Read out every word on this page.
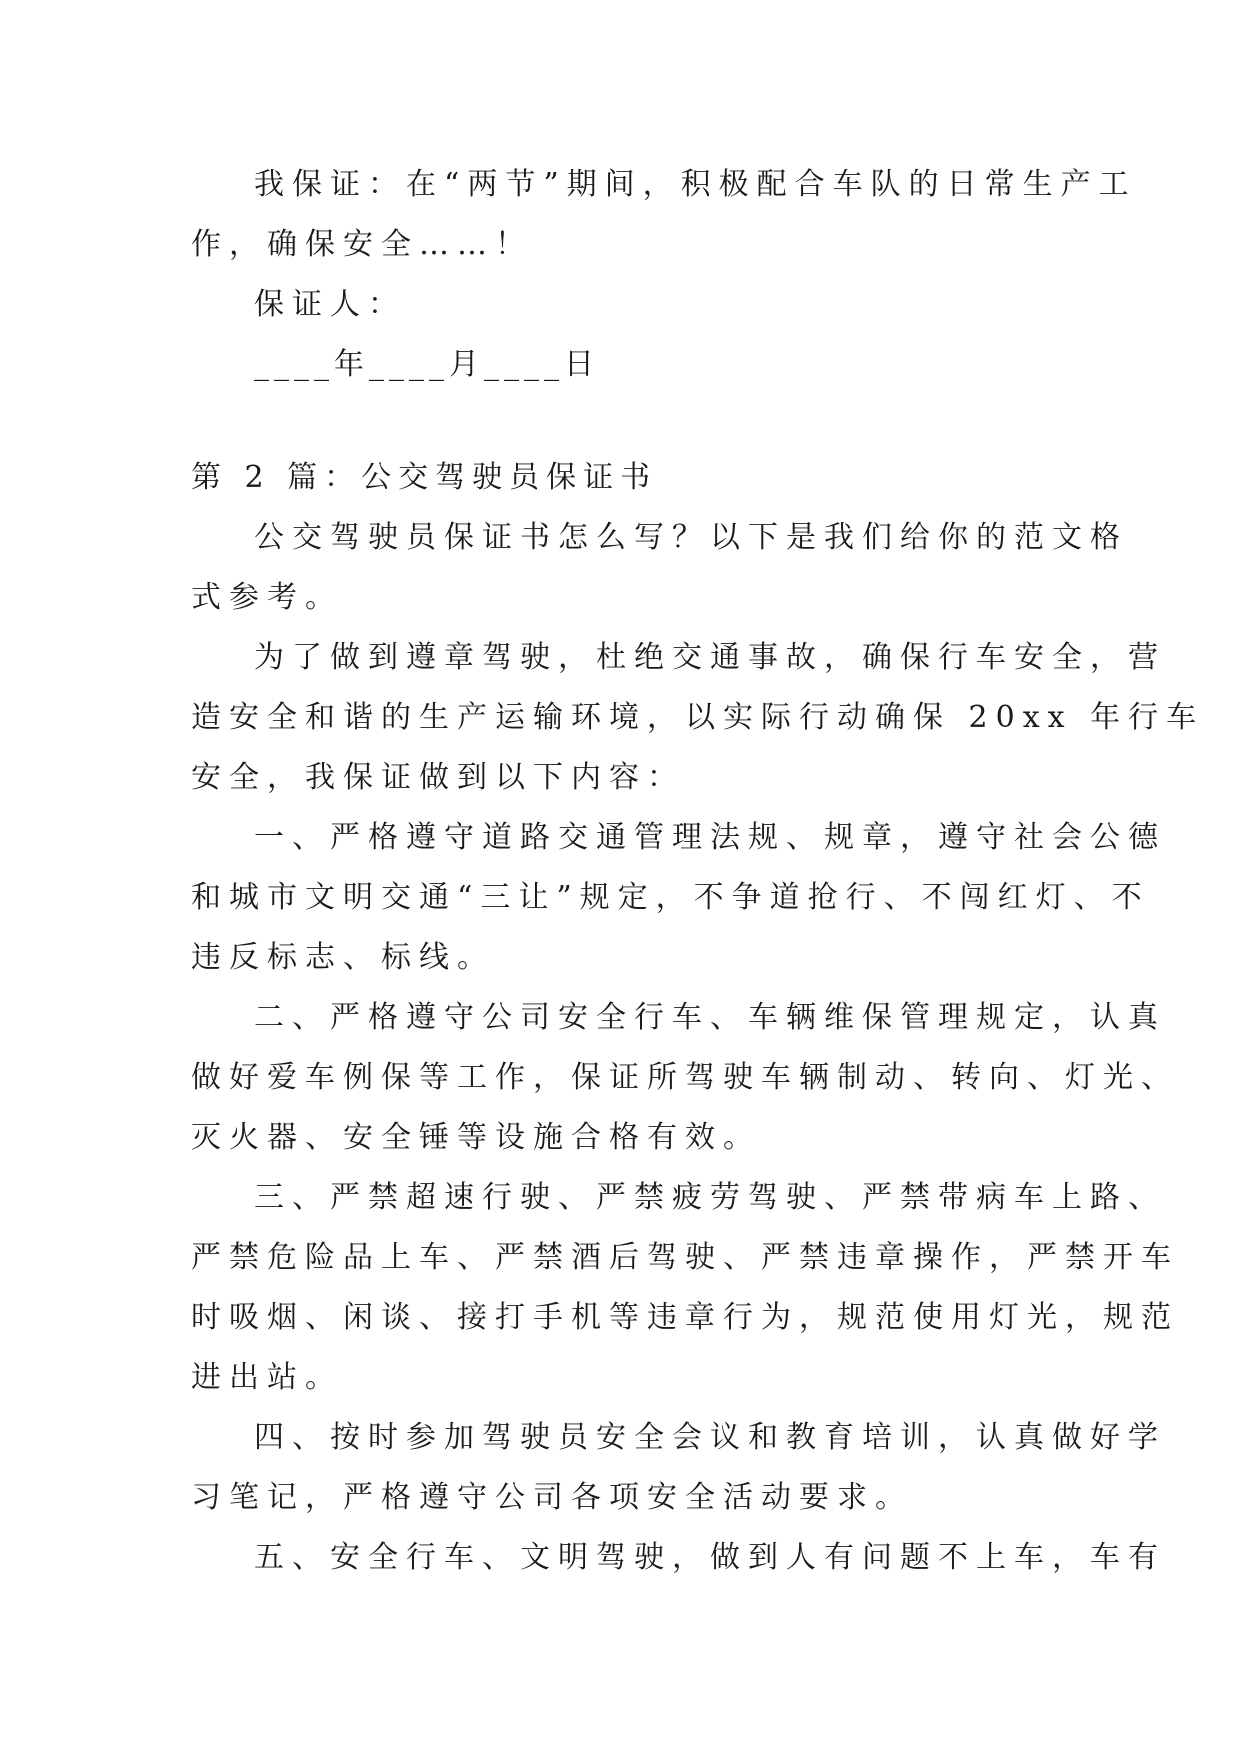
我保证：在“两节”期间，积极配合车队的日常生产工
作，确保安全……！
保证人：
____年____月____日
第 2 篇：公交驾驶员保证书
公交驾驶员保证书怎么写？以下是我们给你的范文格
式参考。
为了做到遵章驾驶，杜绝交通事故，确保行车安全，营
造安全和谐的生产运输环境，以实际行动确保 20xx 年行车
安全，我保证做到以下内容：
一、严格遵守道路交通管理法规、规章，遵守社会公德
和城市文明交通“三让”规定，不争道抢行、不闯红灯、不
违反标志、标线。
二、严格遵守公司安全行车、车辆维保管理规定，认真
做好爱车例保等工作，保证所驾驶车辆制动、转向、灯光、
灭火器、安全锤等设施合格有效。
三、严禁超速行驶、严禁疲劳驾驶、严禁带病车上路、
严禁危险品上车、严禁酒后驾驶、严禁违章操作，严禁开车
时吸烟、闲谈、接打手机等违章行为，规范使用灯光，规范
进出站。
四、按时参加驾驶员安全会议和教育培训，认真做好学
习笔记，严格遵守公司各项安全活动要求。
五、安全行车、文明驾驶，做到人有问题不上车，车有
